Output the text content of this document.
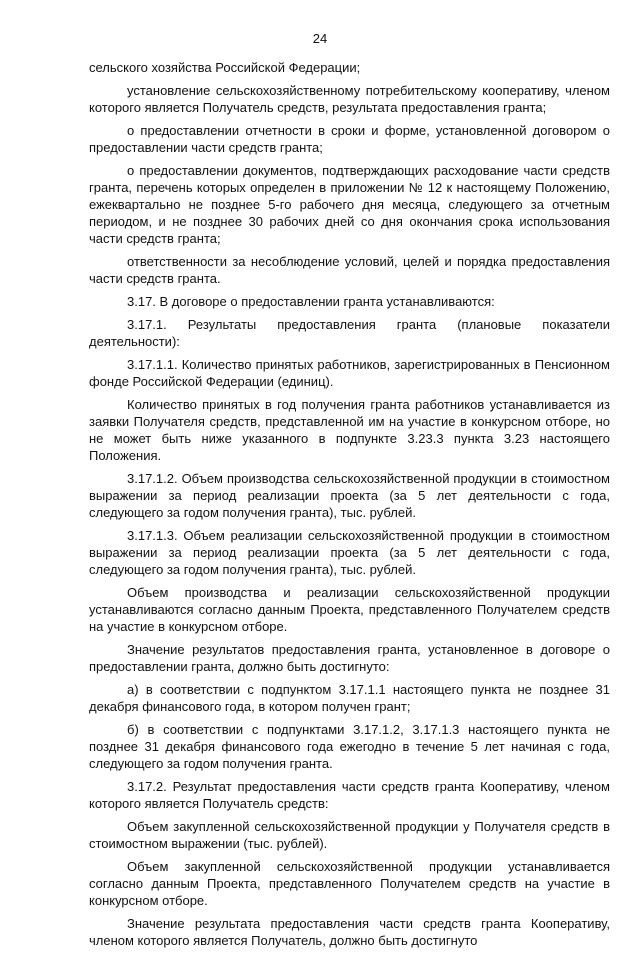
24

сельского хозяйства Российской Федерации;

установление сельскохозяйственному потребительскому кооперативу, членом которого является Получатель средств, результата предоставления гранта;

о предоставлении отчетности в сроки и форме, установленной договором о предоставлении части средств гранта;

о предоставлении документов, подтверждающих расходование части средств гранта, перечень которых определен в приложении № 12 к настоящему Положению, ежеквартально не позднее 5-го рабочего дня месяца, следующего за отчетным периодом, и не позднее 30 рабочих дней со дня окончания срока использования части средств гранта;

ответственности за несоблюдение условий, целей и порядка предоставления части средств гранта.

3.17. В договоре о предоставлении гранта устанавливаются:

3.17.1. Результаты предоставления гранта (плановые показатели деятельности):

3.17.1.1. Количество принятых работников, зарегистрированных в Пенсионном фонде Российской Федерации (единиц).

Количество принятых в год получения гранта работников устанавливается из заявки Получателя средств, представленной им на участие в конкурсном отборе, но не может быть ниже указанного в подпункте 3.23.3 пункта 3.23 настоящего Положения.

3.17.1.2. Объем производства сельскохозяйственной продукции в стоимостном выражении за период реализации проекта (за 5 лет деятельности с года, следующего за годом получения гранта), тыс. рублей.

3.17.1.3. Объем реализации сельскохозяйственной продукции в стоимостном выражении за период реализации проекта (за 5 лет деятельности с года, следующего за годом получения гранта), тыс. рублей.

Объем производства и реализации сельскохозяйственной продукции устанавливаются согласно данным Проекта, представленного Получателем средств на участие в конкурсном отборе.

Значение результатов предоставления гранта, установленное в договоре о предоставлении гранта, должно быть достигнуто:

а) в соответствии с подпунктом 3.17.1.1 настоящего пункта не позднее 31 декабря финансового года, в котором получен грант;

б) в соответствии с подпунктами 3.17.1.2, 3.17.1.3 настоящего пункта не позднее 31 декабря финансового года ежегодно в течение 5 лет начиная с года, следующего за годом получения гранта.

3.17.2. Результат предоставления части средств гранта Кооперативу, членом которого является Получатель средств:

Объем закупленной сельскохозяйственной продукции у Получателя средств в стоимостном выражении (тыс. рублей).

Объем закупленной сельскохозяйственной продукции устанавливается согласно данным Проекта, представленного Получателем средств на участие в конкурсном отборе.

Значение результата предоставления части средств гранта Кооперативу, членом которого является Получатель, должно быть достигнуто
